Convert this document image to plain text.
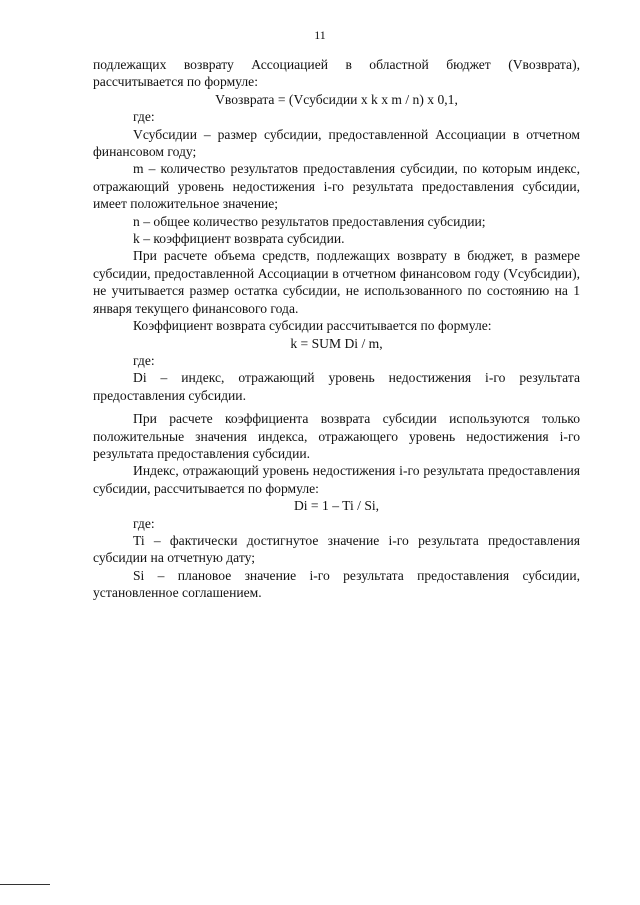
11

подлежащих возврату Ассоциацией в областной бюджет (Vвозврата), рассчитывается по формуле:

Vвозврата = (Vсубсидии x k x m / n) x 0,1,

где:

Vсубсидии – размер субсидии, предоставленной Ассоциации в отчетном финансовом году;

m – количество результатов предоставления субсидии, по которым индекс, отражающий уровень недостижения i-го результата предоставления субсидии, имеет положительное значение;

n – общее количество результатов предоставления субсидии;

k – коэффициент возврата субсидии.

При расчете объема средств, подлежащих возврату в бюджет, в размере субсидии, предоставленной Ассоциации в отчетном финансовом году (Vсубсидии), не учитывается размер остатка субсидии, не использованного по состоянию на 1 января текущего финансового года.

Коэффициент возврата субсидии рассчитывается по формуле:

k = SUM Di / m,

где:

Di – индекс, отражающий уровень недостижения i-го результата предоставления субсидии.

При расчете коэффициента возврата субсидии используются только положительные значения индекса, отражающего уровень недостижения i-го результата предоставления субсидии.

Индекс, отражающий уровень недостижения i-го результата предоставления субсидии, рассчитывается по формуле:

Di = 1 – Ti / Si,

где:

Ti – фактически достигнутое значение i-го результата предоставления субсидии на отчетную дату;

Si – плановое значение i-го результата предоставления субсидии, установленное соглашением.
